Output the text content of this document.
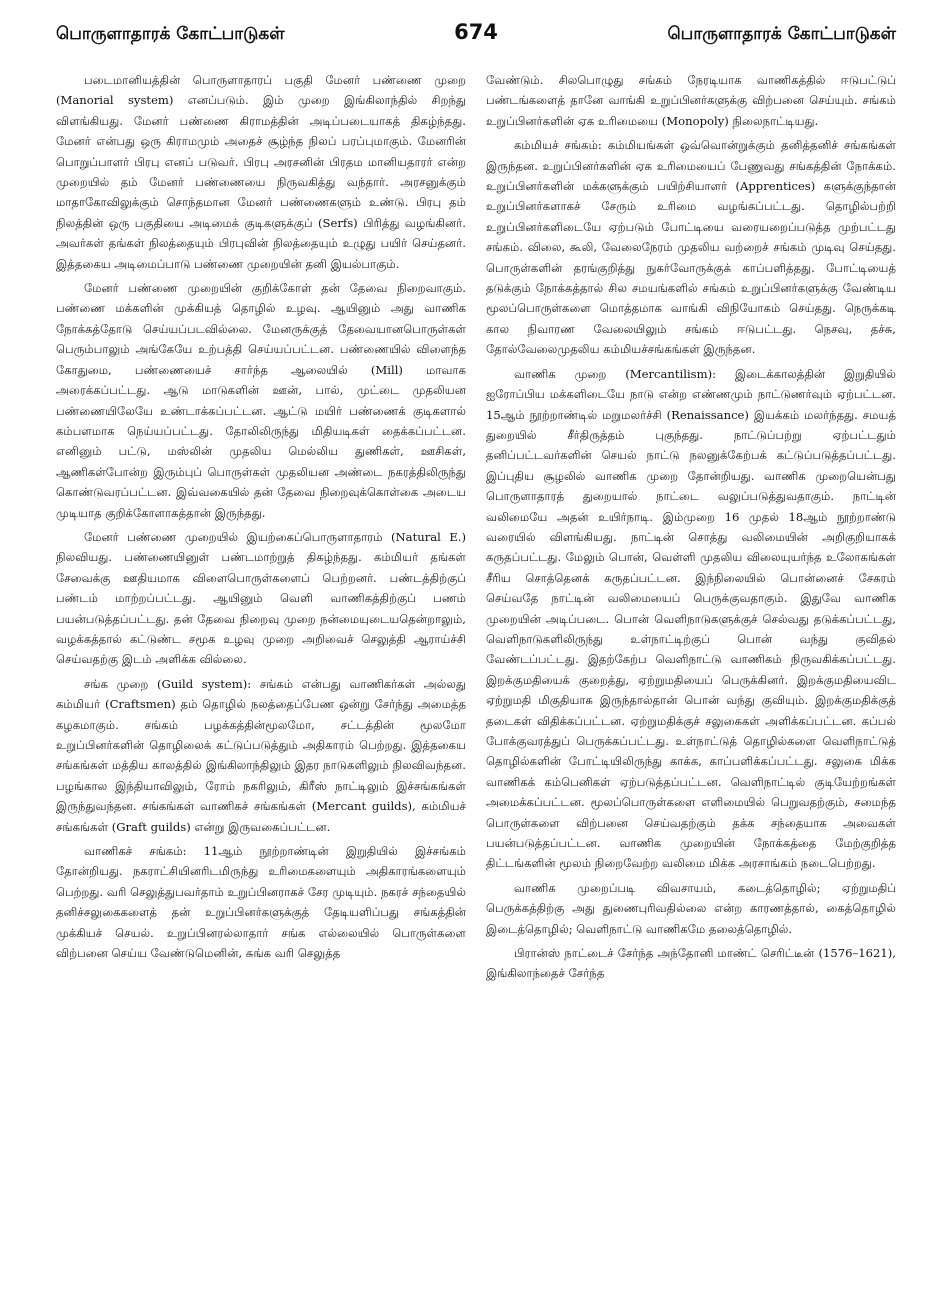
பொருளாதாரக் கோட்பாடுகள்	674	பொருளாதாரக் கோட்பாடுகள்

படைமானியத்தின் பொருளாதாரப் பகுதி மேனர் பண்ணை முறை (Manorial system) எனப்படும். இம் முறை இங்கிலாந்தில் சிறந்து விளங்கியது. மேனர் பண்ணை கிராமத்தின் அடிப்படையாகத் திகழ்ந்தது. மேனர் என்பது ஒரு கிராமமும் அதைச் சூழ்ந்த நிலப் பரப்புமாகும். மேனரின் பொறுப்பாளர் பிரபு எனப் படுவர். பிரபு அரசனின் பிரதம மானியதாரர் என்ற முறையில் தம் மேனர் பண்ணையை நிருவகித்து வந்தார். அரசனுக்கும் மாதாகோவிலுக்கும் சொந்தமான மேனர் பண்ணைகளும் உண்டு. பிரபு தம் நிலத்தின் ஒரு பகுதியை அடிமைக் குடிகளுக்குப் (Serfs) பிரித்து வழங்கினர். அவர்கள் தங்கள் நிலத்தையும் பிரபுவின் நிலத்தையும் உழுது பயிர் செய்தனர். இத்தகைய அடிமைப்பாடு பண்ணை முறையின் தனி இயல்பாகும்.

மேனர் பண்ணை முறையின் குறிக்கோள் தன் தேவை நிறைவாகும். பண்ணை மக்களின் முக்கியத் தொழில் உழவு. ஆயினும் அது வாணிக நோக்கத்தோடு செய்யப்படவில்லை. மேனருக்குத் தேவையானபொருள்கள் பெரும்பாலும் அங்கேயே உற்பத்தி செய்யப்பட்டன. பண்ணையில் விளைந்த கோதுமை, பண்ணையைச் சார்ந்த ஆலையில் (Mill) மாவாக அரைக்கப்பட்டது. ஆடு மாடுகளின் ஊன், பால், முட்டை முதலியன பண்ணையிலேயே உண்டாக்கப்பட்டன. ஆட்டு மயிர் பண்ணைக் குடிகளால் கம்பளமாக நெய்யப்பட்டது. தோலிலிருந்து மிதியடிகள் தைக்கப்பட்டன. எனினும் பட்டு, மஸ்லின் முதலிய மெல்லிய துணிகள், ஊசிகள், ஆணிகள்போன்ற இரும்புப் பொருள்கள் முதலியன அண்டை நகரத்திலிருந்து கொண்டுவரப்பட்டன. இவ்வகையில் தன் தேவை நிறைவுக்கொள்கை அடைய முடியாத குறிக்கோளாகத்தான் இருந்தது.

மேனர் பண்ணை முறையில் இயற்கைப்பொருளாதாரம் (Natural E.) நிலவியது. பண்ணையினுள் பண்டமாற்றுத் திகழ்ந்தது. கம்மியர் தங்கள் சேவைக்கு ஊதியமாக விளைபொருள்களைப் பெற்றனர். பண்டத்திற்குப் பண்டம் மாற்றப்பட்டது. ஆயினும் வெளி வாணிகத்திற்குப் பணம் பயன்படுத்தப்பட்டது. தன் தேவை நிறைவு முறை நன்மையுடையதென்றாலும், வழக்கத்தால் கட்டுண்ட சமூக உழவு முறை அறிவைச் செலுத்தி ஆராய்ச்சி செய்வதற்கு இடம் அளிக்க வில்லை.

சங்க முறை (Guild system): சங்கம் என்பது வாணிகர்கள் அல்லது கம்மியர் (Craftsmen) தம் தொழில் நலத்தைப்பேண ஒன்று சேர்ந்து அமைத்த கழகமாகும். சங்கம் பழக்கத்தின்மூலமோ, சட்டத்தின் மூலமோ உறுப்பினர்களின் தொழிலைக் கட்டுப்படுத்தும் அதிகாரம் பெற்றது. இத்தகைய சங்கங்கள் மத்திய காலத்தில் இங்கிலாந்திலும் இதர நாடுகளிலும் நிலவிவந்தன. பழங்கால இந்தியாவிலும், ரோம் நகரிலும், கிரீஸ் நாட்டிலும் இச்சங்கங்கள் இருந்துவந்தன. சங்கங்கள் வாணிகச் சங்கங்கள் (Mercant guilds), கம்மியச் சங்கங்கள் (Graft guilds) என்று இருவகைப்பட்டன.

வாணிகச் சங்கம்: 11ஆம் நூற்றாண்டின் இறுதியில் இச்சங்கம் தோன்றியது. நகராட்சியினரிடமிருந்து உரிமைகளையும் அதிகாரங்களையும் பெற்றது. வரி செலுத்துபவர்தாம் உறுப்பினராகச் சேர முடியும். நகரச் சந்தையில் தனிச்சலுகைகளைத் தன் உறுப்பினர்களுக்குத் தேடியளிப்பது சங்கத்தின் முக்கியச் செயல். உறுப்பினரல்லாதார் சங்க எல்லையில் பொருள்களை விற்பனை செய்ய வேண்டுமெனின், சுங்க வரி செலுத்த

வேண்டும். சிலபொழுது சங்கம் நேரடியாக வாணிகத்தில் ஈடுபட்டுப் பண்டங்களைத் தானே வாங்கி உறுப்பினர்களுக்கு விற்பனை செய்யும். சங்கம் உறுப்பினர்களின் ஏக உரிமையை (Monopoly) நிலைநாட்டியது.

கம்மியச் சங்கம்: கம்மியங்கள் ஒவ்வொன்றுக்கும் தனித்தனிச் சங்கங்கள் இருந்தன. உறுப்பினர்களின் ஏக உரிமையைப் பேணுவது சங்கத்தின் நோக்கம். உறுப்பினர்களின் மக்களுக்கும் பயிற்சியாளர் (Apprentices) களுக்குந்தான் உறுப்பினர்களாகச் சேரும் உரிமை வழங்கப்பட்டது. தொழில்பற்றி உறுப்பினர்களிடையே ஏற்படும் போட்டியை வரையறைப்படுத்த முற்பட்டது சங்கம். விலை, கூலி, வேலைநேரம் முதலிய வற்றைச் சங்கம் முடிவு செய்தது. பொருள்களின் தரங்குறித்து நுகர்வோருக்குக் காப்பளித்தது. போட்டியைத் தடுக்கும் நோக்கத்தால் சில சமயங்களில் சங்கம் உறுப்பினர்களுக்கு வேண்டிய மூலப்பொருள்களை மொத்தமாக வாங்கி விநியோகம் செய்தது. நெருக்கடி கால நிவாரண வேலையிலும் சங்கம் ஈடுபட்டது. நெசவு, தச்சு, தோல்வேலைமுதலிய கம்மியச்சங்கங்கள் இருந்தன.

வாணிக முறை (Mercantilism): இடைக்காலத்தின் இறுதியில் ஐரோப்பிய மக்களிடையே நாடு என்ற எண்ணமும் நாட்டுணர்வும் ஏற்பட்டன. 15ஆம் நூற்றாண்டில் மறுமலர்ச்சி (Renaissance) இயக்கம் மலர்ந்தது. சமயத் துறையில் சீர்திருத்தம் புகுந்தது. நாட்டுப்பற்று ஏற்பட்டதும் தனிப்பட்டவர்களின் செயல் நாட்டு நலனுக்கேற்பக் கட்டுப்படுத்தப்பட்டது. இப்புதிய சூழலில் வாணிக முறை தோன்றியது. வாணிக முறையென்பது பொருளாதாரத் துறையால் நாட்டை வலுப்படுத்துவதாகும். நாட்டின் வலிமையே அதன் உயிர்நாடி. இம்முறை 16 முதல் 18ஆம் நூற்றாண்டு வரையில் விளங்கியது. நாட்டின் சொத்து வலிமையின் அறிகுறியாகக் கருதப்பட்டது. மேலும் பொன், வெள்ளி முதலிய விலையுயர்ந்த உலோகங்கள் சீரிய சொத்தெனக் கருதப்பட்டன. இந்நிலையில் பொன்னைச் சேகரம் செய்வதே நாட்டின் வலிமையைப் பெருக்குவதாகும். இதுவே வாணிக முறையின் அடிப்படை. பொன் வெளிநாடுகளுக்குச் செல்வது தடுக்கப்பட்டது, வெளிநாடுகளிலிருந்து உள்நாட்டிற்குப் பொன் வந்து குவிதல் வேண்டப்பட்டது. இதற்கேற்ப வெளிநாட்டு வாணிகம் நிருவகிக்கப்பட்டது. இறக்குமதியைக் குறைத்து, ஏற்றுமதியைப் பெருக்கினர். இறக்குமதியைவிட ஏற்றுமதி மிகுதியாக இருந்தால்தான் பொன் வந்து குவியும். இறக்குமதிக்குத் தடைகள் விதிக்கப்பட்டன. ஏற்றுமதிக்குச் சலுகைகள் அளிக்கப்பட்டன. கப்பல் போக்குவரத்துப் பெருக்கப்பட்டது. உள்நாட்டுத் தொழில்களை வெளிநாட்டுத் தொழில்களின் போட்டியிலிருந்து காக்க, காப்பளிக்கப்பட்டது. சலுகை மிக்க வாணிகக் கம்பெனிகள் ஏற்படுத்தப்பட்டன. வெளிநாட்டில் குடியேற்றங்கள் அமைக்கப்பட்டன. மூலப்பொருள்களை எளிமையில் பெறுவதற்கும், சமைந்த பொருள்களை விற்பனை செய்வதற்கும் தக்க சந்தையாக அவைகள் பயன்படுத்தப்பட்டன. வாணிக முறையின் நோக்கத்தை மேற்குறித்த திட்டங்களின் மூலம் நிறைவேற்ற வலிமை மிக்க அரசாங்கம் நடைபெற்றது.

வாணிக முறைப்படி விவசாயம், கடைத்தொழில்; ஏற்றுமதிப் பெருக்கத்திற்கு அது துணைபுரிவதில்லை என்ற காரணத்தால், கைத்தொழில் இடைத்தொழில்; வெளிநாட்டு வாணிகமே தலைத்தொழில்.

பிரான்ஸ் நாட்டைச் சேர்ந்த அந்தோனி மாண்ட் செரிட்டீன் (1576–1621), இங்கிலாந்தைச் சேர்ந்த
